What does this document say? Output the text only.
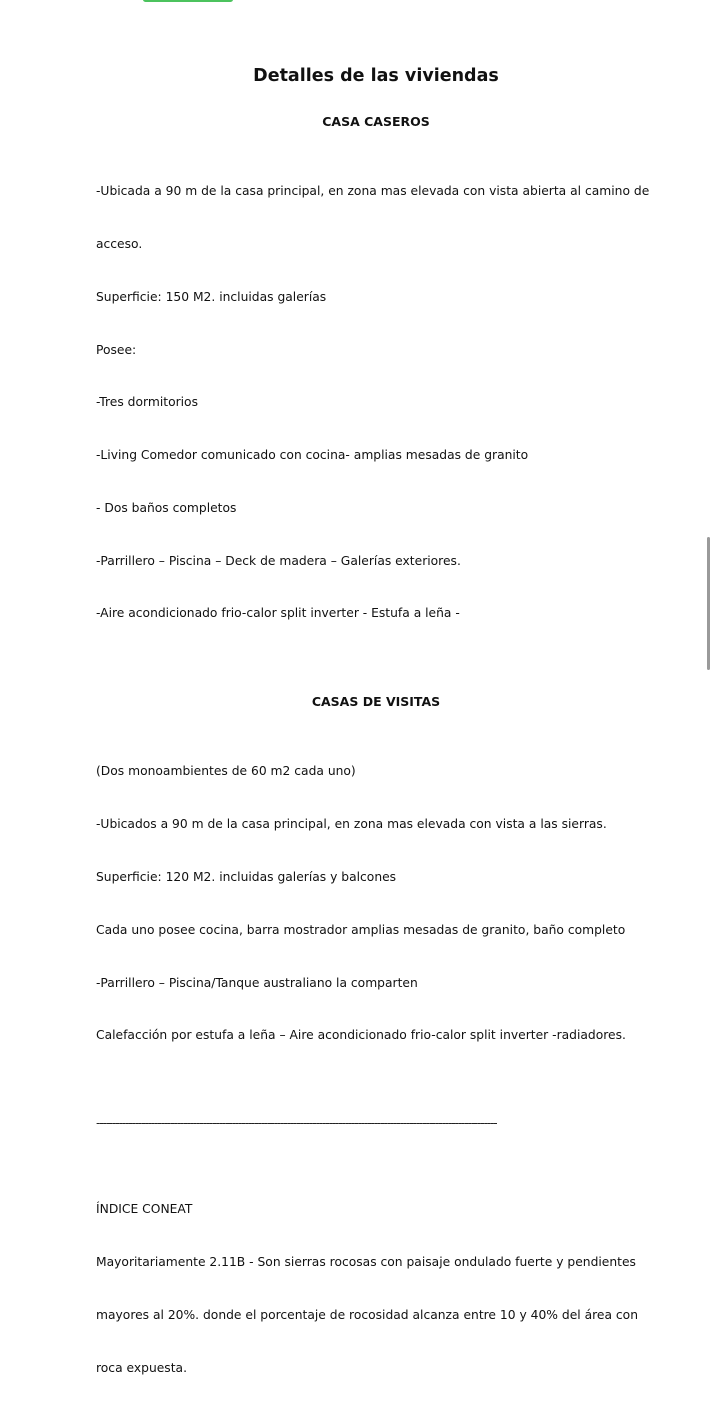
Detalles de las viviendas
CASA CASEROS

-Ubicada a 90 m de la casa principal, en zona mas elevada con vista abierta al camino de

acceso.

Superficie: 150 M2. incluidas galerías

Posee:

-Tres dormitorios

-Living Comedor comunicado con cocina- amplias mesadas de granito

- Dos baños completos

-Parrillero – Piscina – Deck de madera – Galerías exteriores.

-Aire acondicionado frio-calor split inverter - Estufa a leña -

CASAS DE VISITAS

(Dos monoambientes de 60 m2 cada uno)

-Ubicados a 90 m de la casa principal, en zona mas elevada con vista a las sierras.

Superficie: 120 M2. incluidas galerías y balcones

Cada uno posee cocina, barra mostrador amplias mesadas de granito, baño completo

-Parrillero – Piscina/Tanque australiano la comparten

Calefacción por estufa a leña – Aire acondicionado frio-calor split inverter -radiadores.

----------------------------------------------------------------------------------------------------------------------------

ÍNDICE CONEAT

Mayoritariamente 2.11B - Son sierras rocosas con paisaje ondulado fuerte y pendientes

mayores al 20%. donde el porcentaje de rocosidad alcanza entre 10 y 40% del área con

roca expuesta.
